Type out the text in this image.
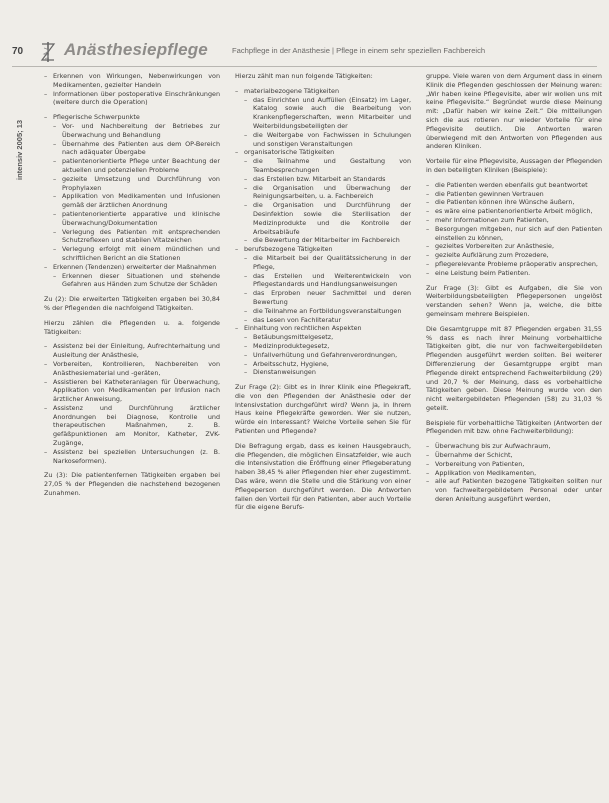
70 Anästhesiepflege	Fachpflege in der Anästhesie | Pflege in einem sehr speziellen Fachbereich
intensiv 2005; 13
– Erkennen von Wirkungen, Nebenwirkungen von Medikamenten, gezielter Handeln
– Informationen über postoperative Einschränkungen (weitere durch die Operation)
– Pflegerische Schwerpunkte
– Vor- und Nachbereitung der Betriebes zur Überwachung und Behandlung
– Übernahme des Patienten aus dem OP-Bereich nach adäquater Übergabe
– patientenorientierte Pflege unter Beachtung der aktuellen und potenziellen Probleme
– gezielte Umsetzung und Durchführung von Prophylaxen
– Applikation von Medikamenten und Infusionen gemäß der ärztlichen Anordnung
– patientenorientierte apparative und klinische Überwachung/Dokumentation
– Verlegung des Patienten mit entsprechenden Schutzreflexen und stabilen Vitalzeichen
– Verlegung erfolgt mit einem mündlichen und schriftlichen Bericht an die Stationen
– Erkennen (Tendenzen) erweiterter der Maßnahmen
– Erkennen dieser Situationen und stehende Gefahren aus Händen zum Schutze der Schäden

Zu (2): Die erweiterten Tätigkeiten ergaben bei 30,84 % der Pflegenden die nachfolgend Tätigkeiten.

Hierzu zählen die Pflegenden u. a. folgende Tätigkeiten:

– Assistenz bei der Einleitung, Aufrechterhaltung und Ausleitung der Anästhesie,
– Vorbereiten, Kontrollieren, Nachbereiten von Anästhesiematerial und -geräten,
– Assistieren bei Katheteranlagen für Überwachung, Applikation von Medikamenten per Infusion nach ärztlicher Anweisung,
– Assistenz und Durchführung ärztlicher Anordnungen bei Diagnose, Kontrolle und therapeutischen Maßnahmen, z. B. gefäßpunktionen am Monitor, Katheter, ZVK-Zugänge,
– Assistenz bei speziellen Untersuchungen (z. B. Narkoseformen).

Zu (3): Die patientenfernen Tätigkeiten ergaben bei 27,05 % der Pflegenden die nachstehend bezogenen Zunahmen.

Hierzu zählt man nun folgende Tätigkeiten:

– materialbezogene Tätigkeiten
– das Einrichten und Auffüllen (Einsatz) im Lager, Katalog sowie auch die Bearbeitung von Krankenpflegerschaften, wenn Mitarbeiter und Weiterbildungsbeteiligten der
– die Weitergabe von Fachwissen in Schulungen und sonstigen Veranstaltungen
– organisatorische Tätigkeiten
– die Teilnahme und Gestaltung von Teambesprechungen
– das Erstellen bzw. Mitarbeit an Standards
– die Organisation und Überwachung der Reinigungsarbeiten, u. a. Fachbereich
– die Organisation und Durchführung der Desinfektion sowie die Sterilisation der Medizinprodukte und die Kontrolle der Arbeitsabläufe
– die Bewertung der Mitarbeiter im Fachbereich
– berufsbezogene Tätigkeiten
– die Mitarbeit bei der Qualitätssicherung in der Pflege,
– das Erstellen und Weiterentwickeln von Pflegestandards und Handlungsanweisungen
– das Erproben neuer Sachmittel und deren Bewertung
– die Teilnahme an Fortbildungsveranstaltungen
– das Lesen von Fachliteratur
– Einhaltung von rechtlichen Aspekten
– Betäubungsmittelgesetz,
– Medizinproduktegesetz,
– Unfallverhütung und Gefahrenverordnungen,
– Arbeitsschutz, Hygiene,
– Dienstanweisungen

Zur Frage (2): Gibt es in Ihrer Klinik eine Pflegekraft, die von den Pflegenden der Anästhesie oder der Intensivstation durchgeführt wird? Wenn ja, in Ihrem Haus keine Pflegekräfte geworden. Wer sie nutzen, würde ein Interessant? Welche Vorteile sehen Sie für Patienten und Pflegende?

Die Befragung ergab, dass es keinen Hausgebrauch, die Pflegenden, die möglichen Einsatzfelder, wie auch die Intensivstation die Eröffnung einer Pflegeberatung haben 38,45 % aller Pflegenden hier eher zugestimmt. Das wäre, wenn die Stelle und die Stärkung von einer Pflegeperson durchgeführt werden. Die Antworten fallen den Vorteil für den Patienten, aber auch Vorteile für die eigene Berufs-

gruppe. Viele waren von dem Argument dass in einem Klinik die Pflegenden geschlossen der Meinung waren: „Wir haben keine Pflegevisite, aber wir wollen uns mit keine Pflegevisite.“ Begründet wurde diese Meinung mit: „Dafür haben wir keine Zeit.“ Die mitteilungen sich die aus rotieren nur wieder Vorteile für eine Pflegevisite deutlich. Die Antworten waren überwiegend mit den Antworten von Pflegenden aus anderen Kliniken.

Vorteile für eine Pflegevisite, Aussagen der Pflegenden in den beteiligten Kliniken (Beispiele):

– die Patienten werden ebenfalls gut beantwortet
– die Patienten gewinnen Vertrauen
– die Patienten können ihre Wünsche äußern,
– es wäre eine patientenorientierte Arbeit möglich,
– mehr Informationen zum Patienten,
– Besorgungen mitgeben, nur sich auf den Patienten einstellen zu können,
– gezieltes Vorbereiten zur Anästhesie,
– gezielte Aufklärung zum Prozedere,
– pflegerelevante Probleme präoperativ ansprechen,
– eine Leistung beim Patienten.

Zur Frage (3): Gibt es Aufgaben, die Sie von Weiterbildungsbeteiligten Pflegepersonen ungelöst verstanden sehen? Wenn ja, welche, die bitte gemeinsam mehrere Beispielen.

Die Gesamtgruppe mit 87 Pflegenden ergaben 31,55 % dass es nach ihrer Meinung vorbehaltliche Tätigkeiten gibt, die nur von fachweitergebildeten Pflegenden ausgeführt werden sollten. Bei weiterer Differenzierung der Gesamtgruppe ergibt man Pflegende direkt entsprechend Fachweiterbildung (29) und 20,7 % der Meinung, dass es vorbehaltliche Tätigkeiten geben. Diese Meinung wurde von den nicht weitergebildeten Pflegenden (58) zu 31,03 % geteilt.

Beispiele für vorbehaltliche Tätigkeiten (Antworten der Pflegenden mit bzw. ohne Fachweiterbildung):

– Überwachung bis zur Aufwachraum,
– Übernahme der Schicht,
– Vorbereitung von Patienten,
– Applikation von Medikamenten,
– alle auf Patienten bezogene Tätigkeiten sollten nur von fachweitergebildetem Personal oder unter deren Anleitung ausgeführt werden,
